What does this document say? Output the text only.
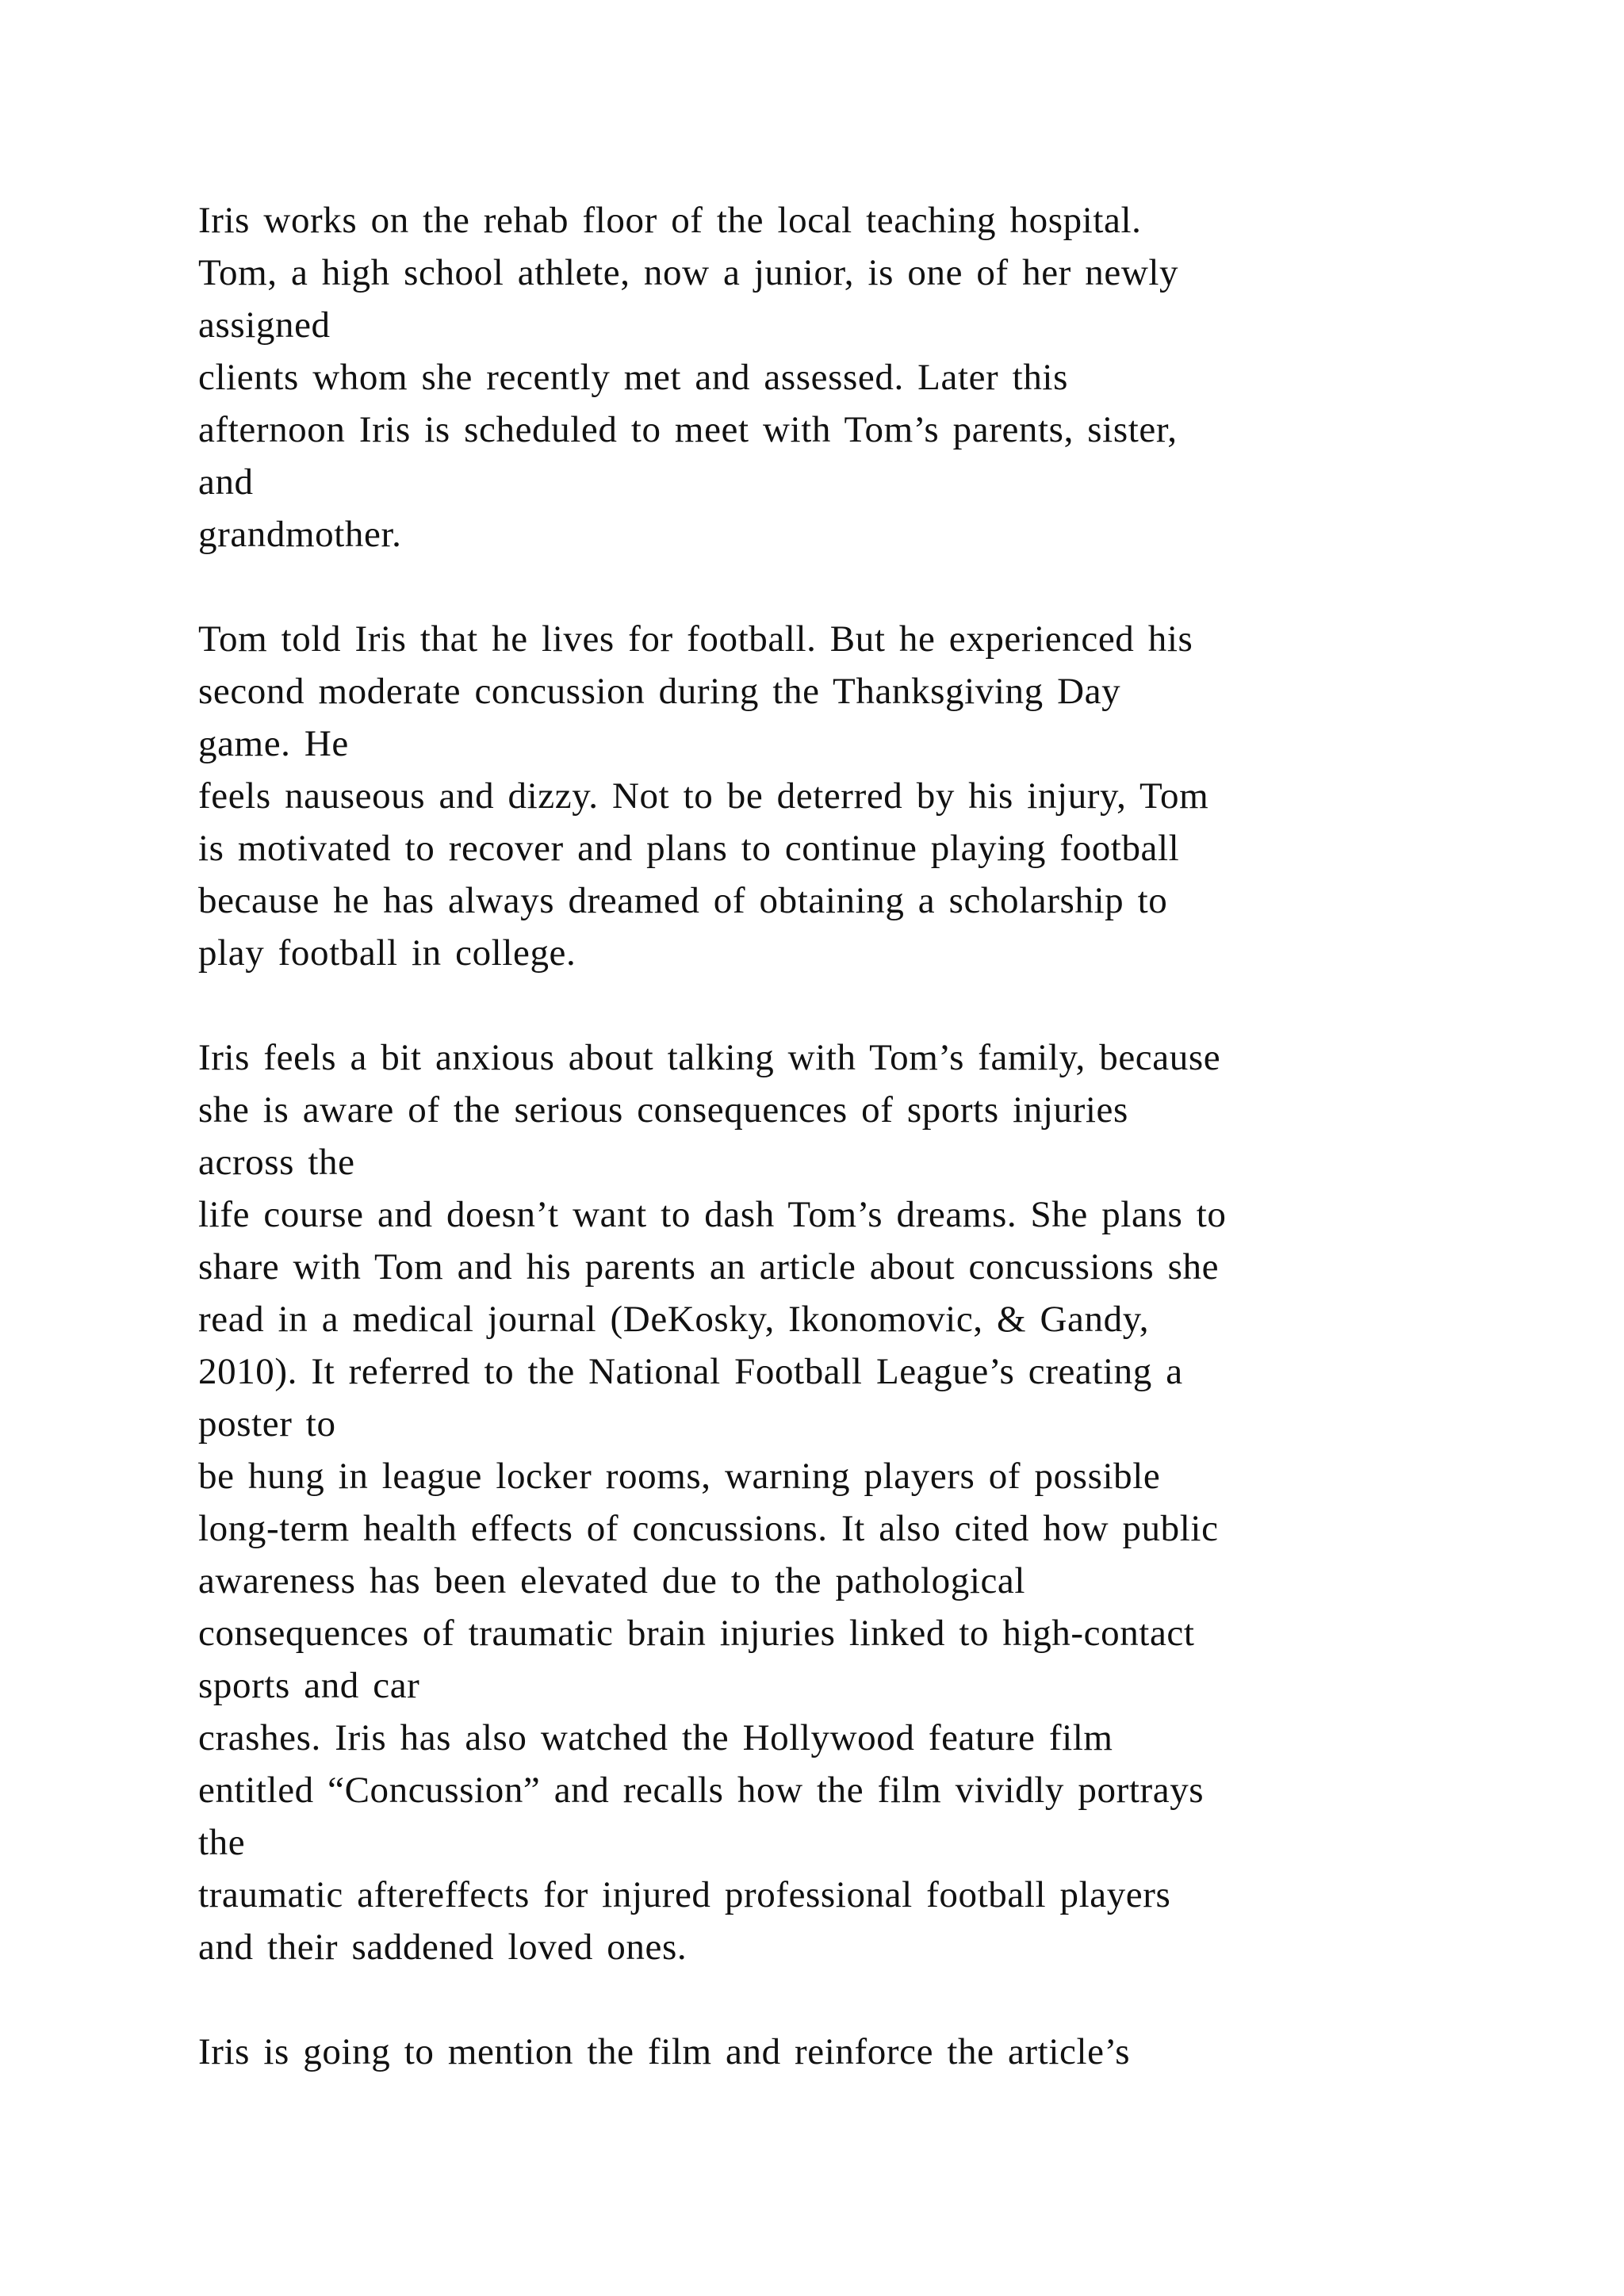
Iris works on the rehab floor of the local teaching hospital.
Tom, a high school athlete, now a junior, is one of her newly
assigned
clients whom she recently met and assessed. Later this
afternoon Iris is scheduled to meet with Tom’s parents, sister,
and
grandmother.
Tom told Iris that he lives for football. But he experienced his
second moderate concussion during the Thanksgiving Day
game. He
feels nauseous and dizzy. Not to be deterred by his injury, Tom
is motivated to recover and plans to continue playing football
because he has always dreamed of obtaining a scholarship to
play football in college.
Iris feels a bit anxious about talking with Tom’s family, because
she is aware of the serious consequences of sports injuries
across the
life course and doesn’t want to dash Tom’s dreams. She plans to
share with Tom and his parents an article about concussions she
read in a medical journal (DeKosky, Ikonomovic, & Gandy,
2010). It referred to the National Football League’s creating a
poster to
be hung in league locker rooms, warning players of possible
long-term health effects of concussions. It also cited how public
awareness has been elevated due to the pathological
consequences of traumatic brain injuries linked to high-contact
sports and car
crashes. Iris has also watched the Hollywood feature film
entitled “Concussion” and recalls how the film vividly portrays
the
traumatic aftereffects for injured professional football players
and their saddened loved ones.
Iris is going to mention the film and reinforce the article’s
